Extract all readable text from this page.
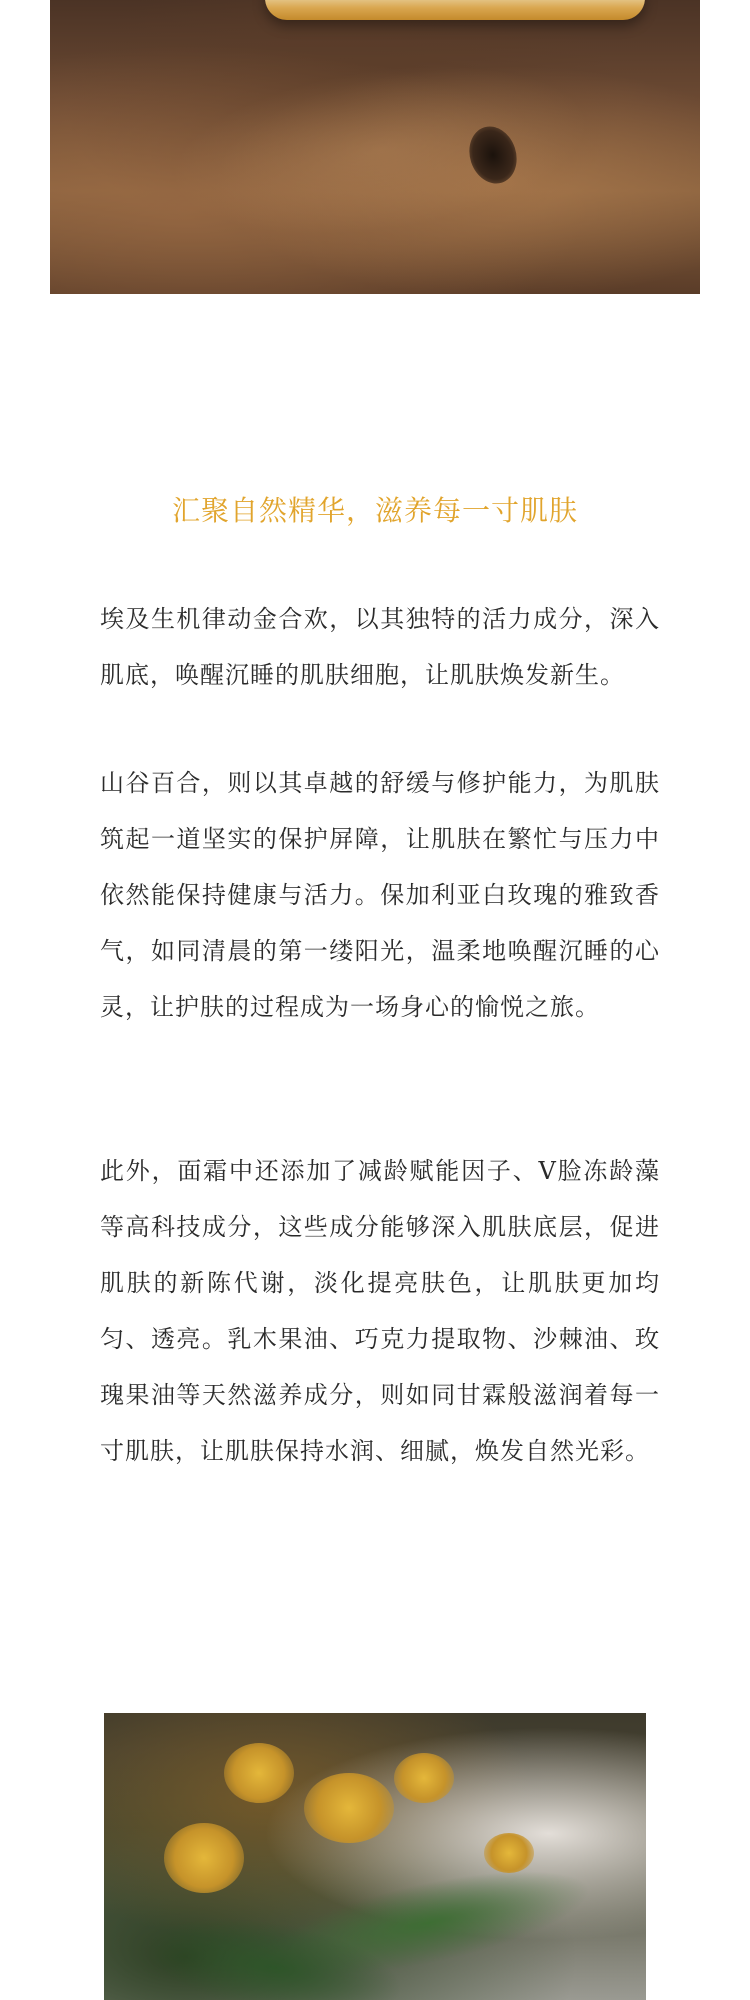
汇聚自然精华，滋养每一寸肌肤

埃及生机律动金合欢，以其独特的活力成分，深入肌底，唤醒沉睡的肌肤细胞，让肌肤焕发新生。

山谷百合，则以其卓越的舒缓与修护能力，为肌肤筑起一道坚实的保护屏障，让肌肤在繁忙与压力中依然能保持健康与活力。保加利亚白玫瑰的雅致香气，如同清晨的第一缕阳光，温柔地唤醒沉睡的心灵，让护肤的过程成为一场身心的愉悦之旅。

此外，面霜中还添加了减龄赋能因子、V脸冻龄藻等高科技成分，这些成分能够深入肌肤底层，促进肌肤的新陈代谢，淡化提亮肤色，让肌肤更加均匀、透亮。乳木果油、巧克力提取物、沙棘油、玫瑰果油等天然滋养成分，则如同甘霖般滋润着每一寸肌肤，让肌肤保持水润、细腻，焕发自然光彩。
